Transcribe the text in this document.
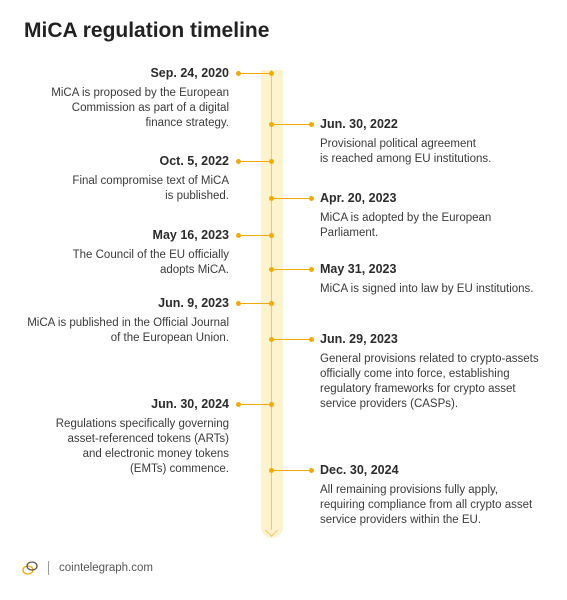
MiCA regulation timeline
Sep. 24, 2020
MiCA is proposed by the European
Commission as part of a digital
finance strategy.	Jun. 30, 2022
Provisional political agreement
is reached among EU institutions.
Oct. 5, 2022
Final compromise text of MiCA
is published.	Apr. 20, 2023
MiCA is adopted by the European
Parliament.
May 16, 2023
The Council of the EU officially
adopts MiCA.	May 31, 2023
MiCA is signed into law by EU institutions.
Jun. 9, 2023
MiCA is published in the Official Journal
of the European Union.	Jun. 29, 2023
General provisions related to crypto-assets
officially come into force, establishing
regulatory frameworks for crypto asset
service providers (CASPs).
Jun. 30, 2024
Regulations specifically governing
asset-referenced tokens (ARTs)
and electronic money tokens
(EMTs) commence.	Dec. 30, 2024
All remaining provisions fully apply,
requiring compliance from all crypto asset
service providers within the EU.
cointelegraph.com
